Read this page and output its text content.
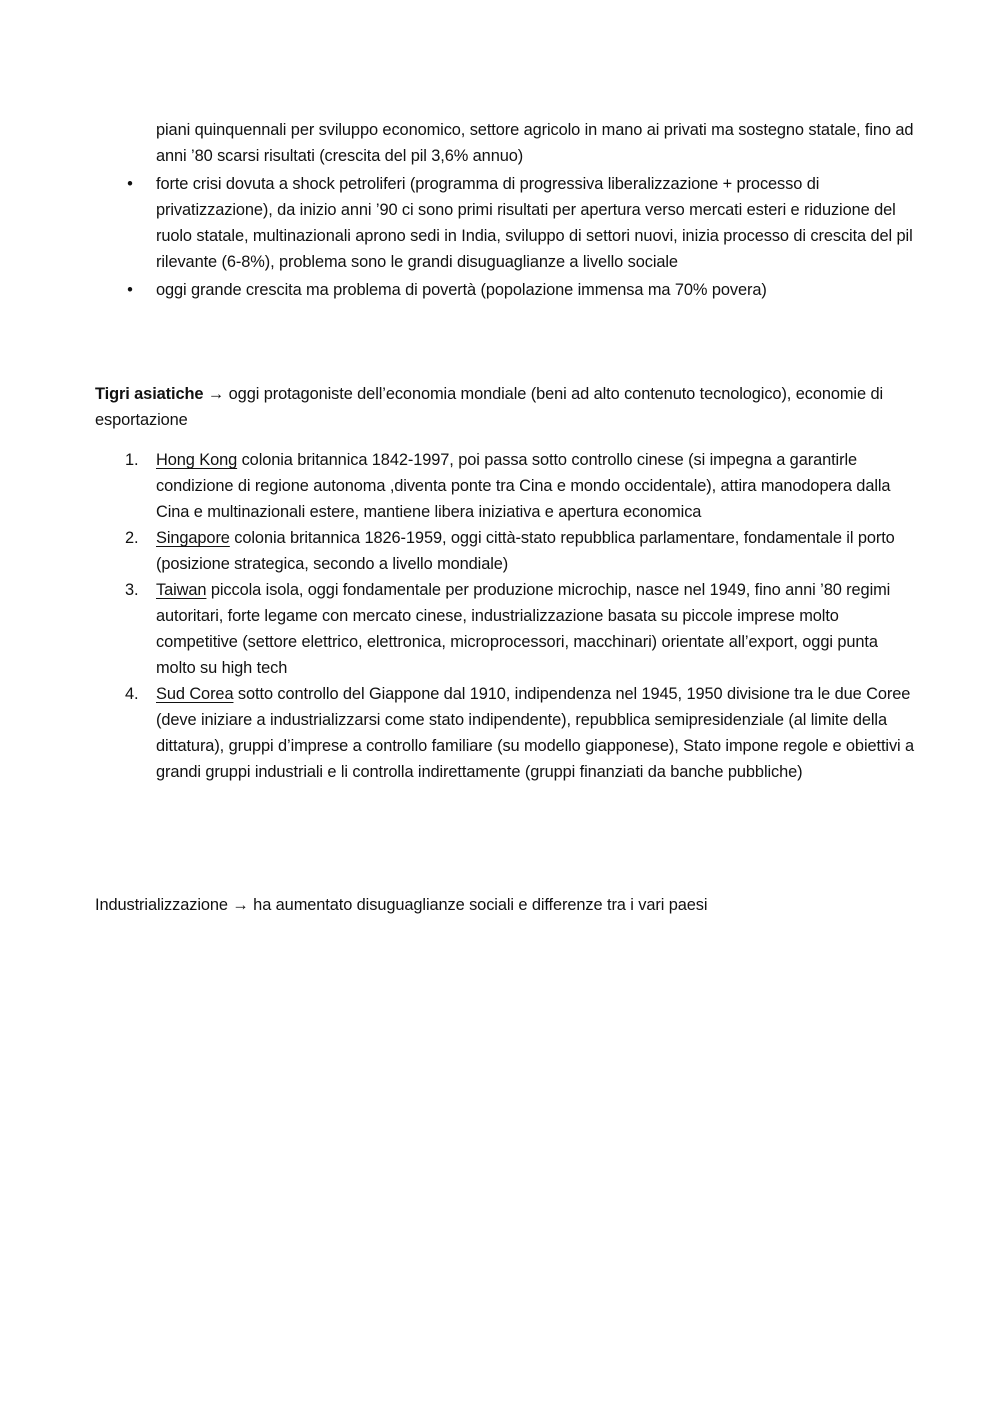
piani quinquennali per sviluppo economico, settore agricolo in mano ai privati ma sostegno statale, fino ad anni ’80 scarsi risultati (crescita del pil 3,6% annuo)
• forte crisi dovuta a shock petroliferi (programma di progressiva liberalizzazione + processo di privatizzazione), da inizio anni ’90 ci sono primi risultati per apertura verso mercati esteri e riduzione del ruolo statale, multinazionali aprono sedi in India, sviluppo di settori nuovi, inizia processo di crescita del pil rilevante (6-8%), problema sono le grandi disuguaglianze a livello sociale
• oggi grande crescita ma problema di povertà (popolazione immensa ma 70% povera)
Tigri asiatiche → oggi protagoniste dell’economia mondiale (beni ad alto contenuto tecnologico), economie di esportazione
1. Hong Kong colonia britannica 1842-1997, poi passa sotto controllo cinese (si impegna a garantirle condizione di regione autonoma ,diventa ponte tra Cina e mondo occidentale), attira manodopera dalla Cina e multinazionali estere, mantiene libera iniziativa e apertura economica
2. Singapore colonia britannica 1826-1959, oggi città-stato repubblica parlamentare, fondamentale il porto (posizione strategica, secondo a livello mondiale)
3. Taiwan piccola isola, oggi fondamentale per produzione microchip, nasce nel 1949, fino anni ’80 regimi autoritari, forte legame con mercato cinese, industrializzazione basata su piccole imprese molto competitive (settore elettrico, elettronica, microprocessori, macchinari) orientate all’export, oggi punta molto su high tech
4. Sud Corea sotto controllo del Giappone dal 1910, indipendenza nel 1945, 1950 divisione tra le due Coree (deve iniziare a industrializzarsi come stato indipendente), repubblica semipresidenziale (al limite della dittatura), gruppi d’imprese a controllo familiare (su modello giapponese), Stato impone regole e obiettivi a grandi gruppi industriali e li controlla indirettamente (gruppi finanziati da banche pubbliche)
Industrializzazione → ha aumentato disuguaglianze sociali e differenze tra i vari paesi
